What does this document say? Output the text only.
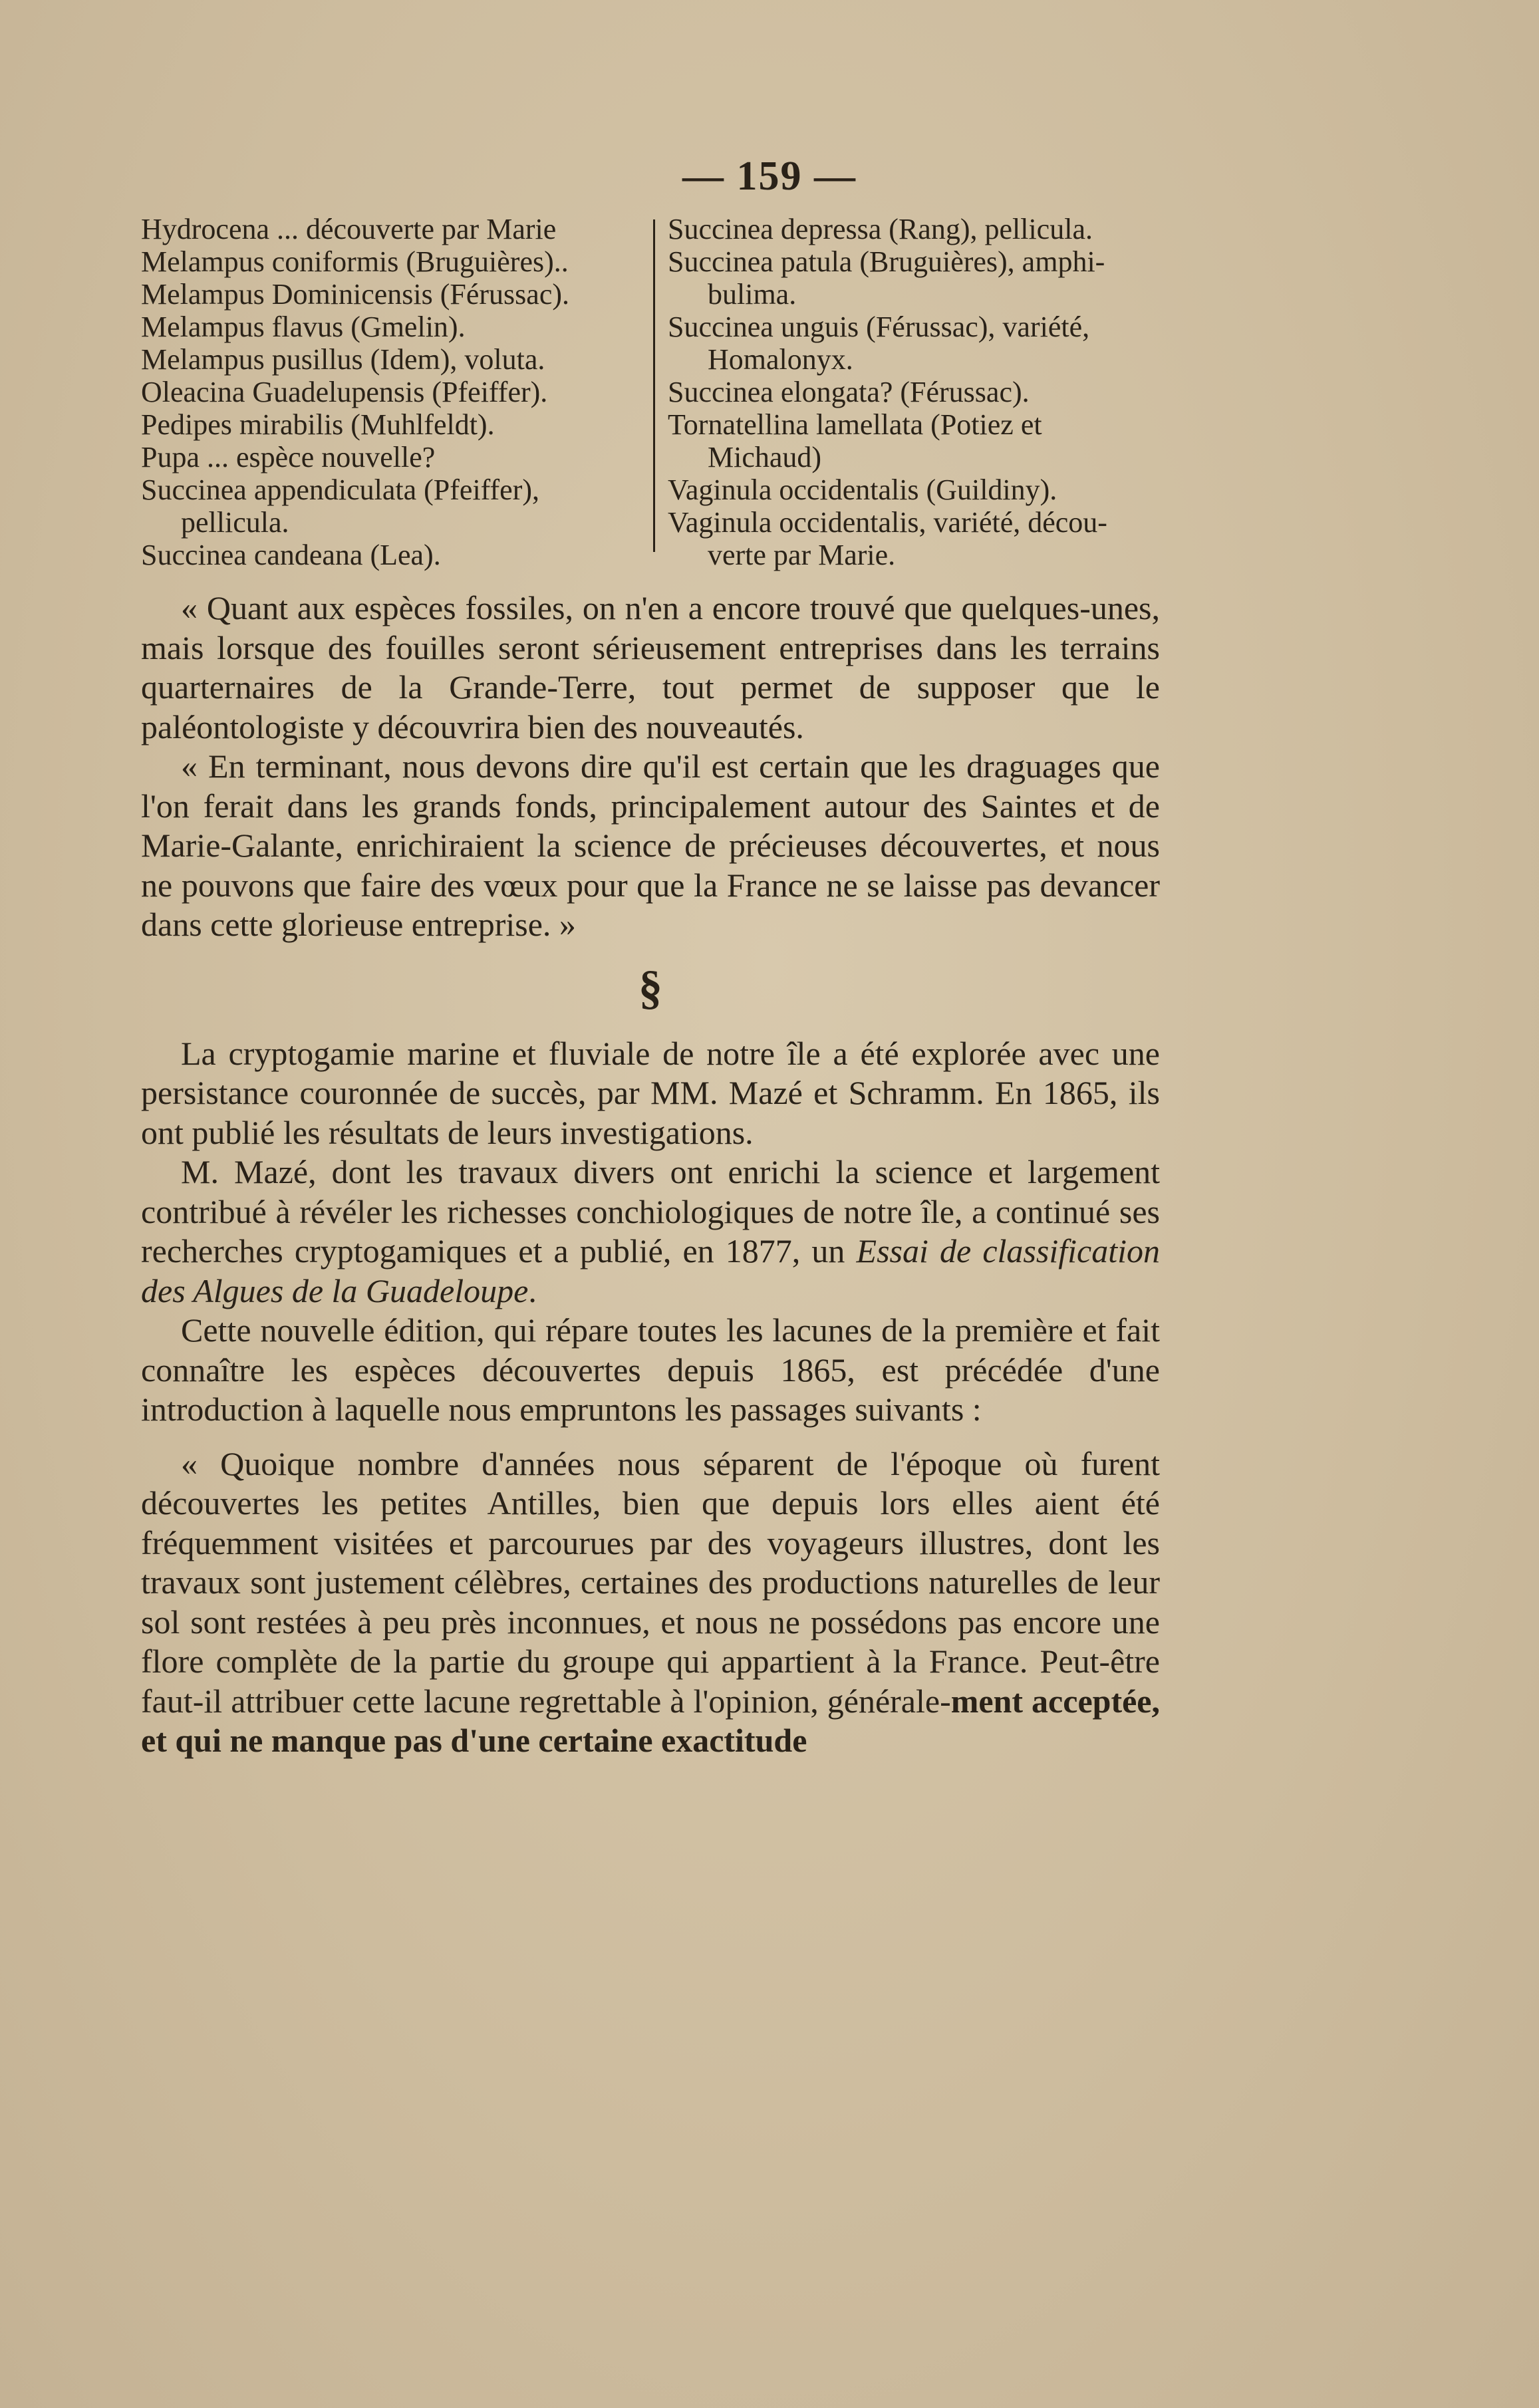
— 159 —
Hydrocena ... découverte par Marie
Melampus coniformis (Bruguières)..
Melampus Dominicensis (Férussac).
Melampus flavus (Gmelin).
Melampus pusillus (Idem), voluta.
Oleacina Guadelupensis (Pfeiffer).
Pedipes mirabilis (Muhlfeldt).
Pupa ... espèce nouvelle?
Succinea appendiculata (Pfeiffer),
pellicula.
Succinea candeana (Lea).
Succinea depressa (Rang), pellicula.
Succinea patula (Bruguières), amphi-
bulima.
Succinea unguis (Férussac), variété,
Homalonyx.
Succinea elongata? (Férussac).
Tornatellina lamellata (Potiez et
Michaud)
Vaginula occidentalis (Guildiny).
Vaginula occidentalis, variété, décou-
verte par Marie.

« Quant aux espèces fossiles, on n'en a encore trouvé que quelques-unes, mais lorsque des fouilles seront sérieusement entreprises dans les terrains quarternaires de la Grande-Terre, tout permet de supposer que le paléontologiste y découvrira bien des nouveautés.

« En terminant, nous devons dire qu'il est certain que les draguages que l'on ferait dans les grands fonds, principalement autour des Saintes et de Marie-Galante, enrichiraient la science de précieuses découvertes, et nous ne pouvons que faire des vœux pour que la France ne se laisse pas devancer dans cette glorieuse entreprise. »

§

La cryptogamie marine et fluviale de notre île a été explorée avec une persistance couronnée de succès, par MM. Mazé et Schramm. En 1865, ils ont publié les résultats de leurs investigations.

M. Mazé, dont les travaux divers ont enrichi la science et largement contribué à révéler les richesses conchiologiques de notre île, a continué ses recherches cryptogamiques et a publié, en 1877, un Essai de classification des Algues de la Guadeloupe.

Cette nouvelle édition, qui répare toutes les lacunes de la première et fait connaître les espèces découvertes depuis 1865, est précédée d'une introduction à laquelle nous empruntons les passages suivants :

« Quoique nombre d'années nous séparent de l'époque où furent découvertes les petites Antilles, bien que depuis lors elles aient été fréquemment visitées et parcourues par des voyageurs illustres, dont les travaux sont justement célèbres, certaines des productions naturelles de leur sol sont restées à peu près inconnues, et nous ne possédons pas encore une flore complète de la partie du groupe qui appartient à la France. Peut-être faut-il attribuer cette lacune regrettable à l'opinion, générale-ment acceptée, et qui ne manque pas d'une certaine exactitude
